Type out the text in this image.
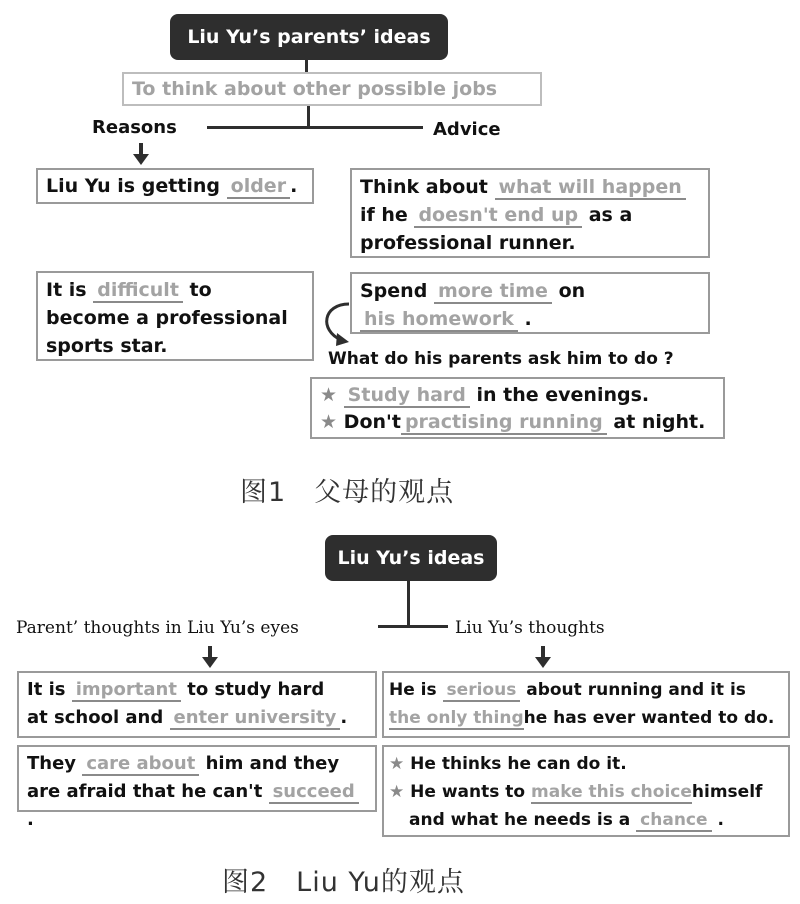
Liu Yu’s parents’ ideas
To think about other possible jobs
Reasons	Advice
Liu Yu is getting older .
It is difficult to
become a professional
sports star.
Think about what will happen
if he doesn't end up as a
professional runner.
Spend more time on
his homework .
What do his parents ask him to do ?
★ Study hard in the evenings.
★ Don't practising running at night.
图1　父母的观点
Liu Yu’s ideas
Parent’ thoughts in Liu Yu’s eyes	Liu Yu’s thoughts
It is important to study hard
at school and enter university .
They care about him and they
are afraid that he can't succeed .
He is serious about running and it is
the only thinghe has ever wanted to do.
★ He thinks he can do it.
★ He wants to make this choicehimself
and what he needs is a chance .
图2　Liu Yu的观点
